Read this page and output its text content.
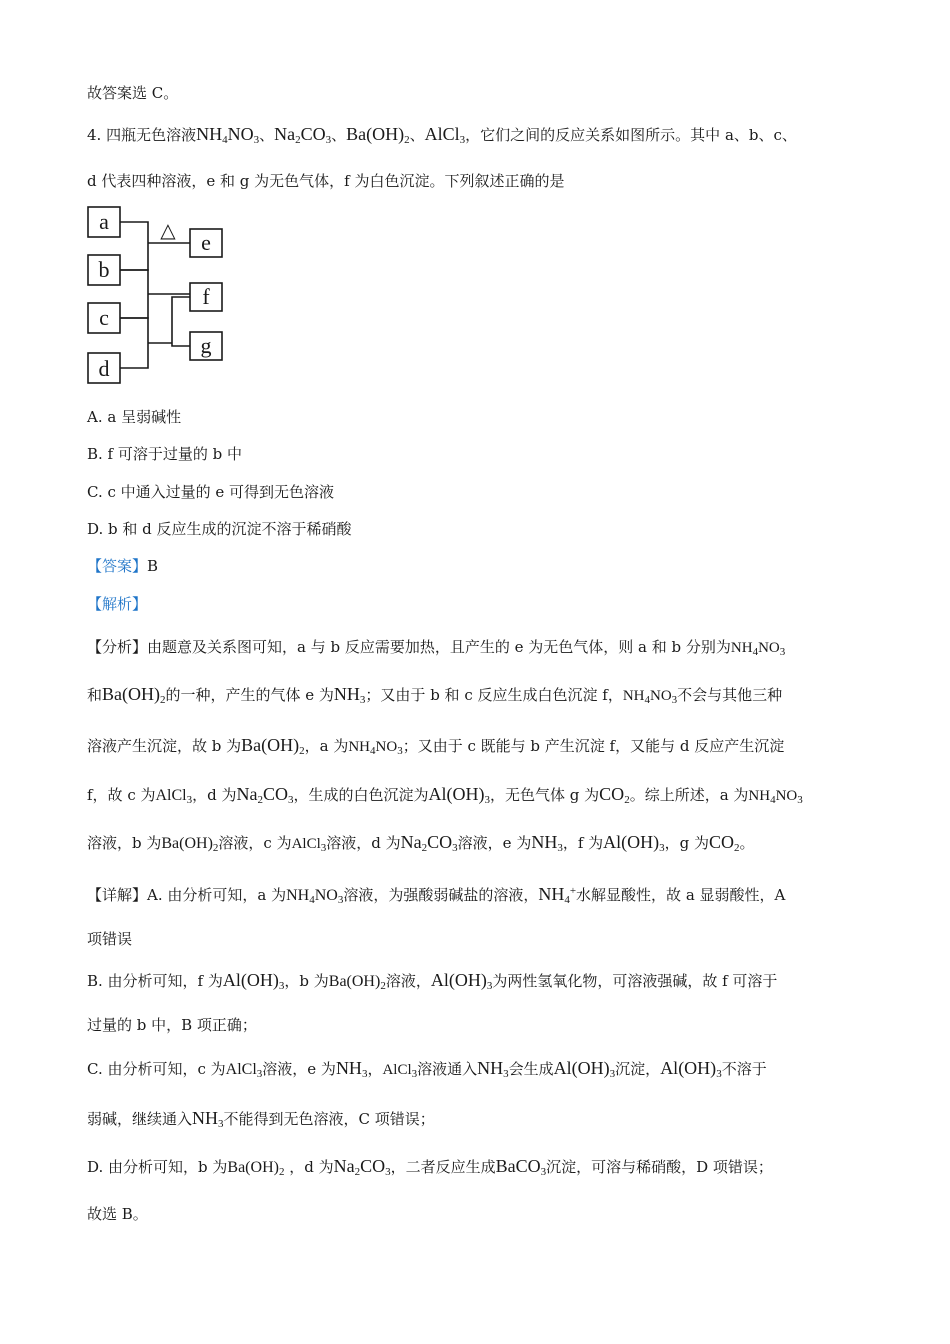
故答案选 C。
4. 四瓶无色溶液$NH_4NO_3$、$Na_2CO_3$、$Ba(OH)_2$、AlCl$_3$，它们之间的反应关系如图所示。其中 a、b、c、
d 代表四种溶液，e 和 g 为无色气体，f 为白色沉淀。下列叙述正确的是
a
b
c
d
e
f
g
△
A. a 呈弱碱性
B. f 可溶于过量的 b 中
C. c 中通入过量的 e 可得到无色溶液
D. b 和 d 反应生成的沉淀不溶于稀硝酸
【答案】B
【解析】
【分析】由题意及关系图可知，a 与 b 反应需要加热，且产生的 e 为无色气体，则 a 和 b 分别为$NH_4NO_3$
和$Ba(OH)_2$的一种，产生的气体 e 为$NH_3$；又由于 b 和 c 反应生成白色沉淀 f，$NH_4NO_3$不会与其他三种
溶液产生沉淀，故 b 为$Ba(OH)_2$，a 为$NH_4NO_3$；又由于 c 既能与 b 产生沉淀 f，又能与 d 反应产生沉淀
f，故 c 为AlCl$_3$，d 为$Na_2CO_3$，生成的白色沉淀为$Al(OH)_3$，无色气体 g 为$CO_2$。综上所述，a 为$NH_4NO_3$
溶液，b 为$Ba(OH)_2$溶液，c 为AlCl$_3$溶液，d 为$Na_2CO_3$溶液，e 为$NH_3$，f 为$Al(OH)_3$，g 为$CO_2$。
【详解】A. 由分析可知，a 为$NH_4NO_3$溶液，为强酸弱碱盐的溶液，$NH_4^+$水解显酸性，故 a 显弱酸性，A
项错误
B. 由分析可知，f 为$Al(OH)_3$，b 为$Ba(OH)_2$溶液，$Al(OH)_3$为两性氢氧化物，可溶液强碱，故 f 可溶于
过量的 b 中，B 项正确；
C. 由分析可知，c 为AlCl$_3$溶液，e 为$NH_3$，AlCl$_3$溶液通入$NH_3$会生成$Al(OH)_3$沉淀，$Al(OH)_3$不溶于
弱碱，继续通入$NH_3$不能得到无色溶液，C 项错误；
D. 由分析可知，b 为$Ba(OH)_2$ ，d 为$Na_2CO_3$，二者反应生成BaCO$_3$沉淀，可溶与稀硝酸，D 项错误；
故选 B。
